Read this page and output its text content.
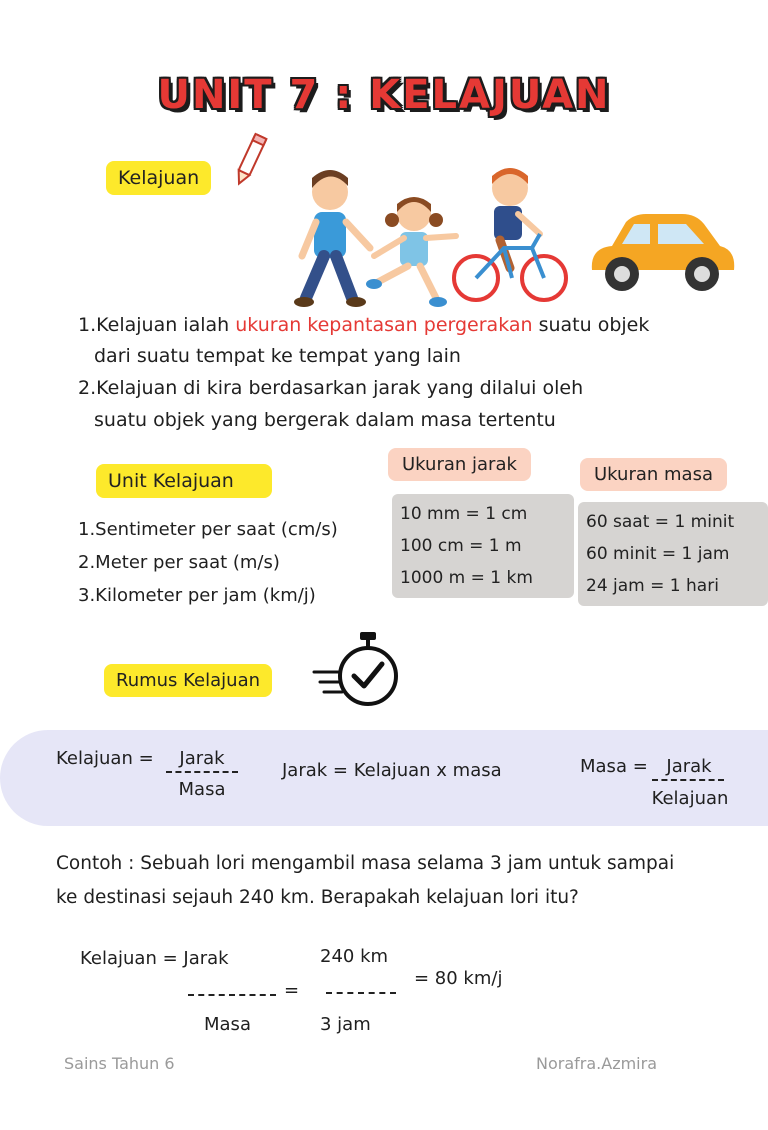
UNIT 7 : KELAJUAN
Kelajuan
1.Kelajuan ialah ukuran kepantasan pergerakan suatu objek
dari suatu tempat ke tempat yang lain
2.Kelajuan di kira berdasarkan jarak yang dilalui oleh
suatu objek yang bergerak dalam masa tertentu
Unit Kelajuan
1.Sentimeter per saat (cm/s)
2.Meter per saat (m/s)
3.Kilometer per jam (km/j)
Ukuran jarak
10 mm = 1 cm
100 cm = 1 m
1000 m = 1 km
Ukuran masa
60 saat = 1 minit
60 minit = 1 jam
24 jam = 1 hari
Rumus Kelajuan
Kelajuan =	Jarak
Masa
Jarak = Kelajuan x masa	Masa =	Jarak
Kelajuan
Contoh : Sebuah lori mengambil masa selama 3 jam untuk sampai
ke destinasi sejauh 240 km. Berapakah kelajuan lori itu?
Kelajuan = Jarak
=
Masa
240 km
3 jam
= 80 km/j
Sains Tahun 6	Norafra.Azmira
